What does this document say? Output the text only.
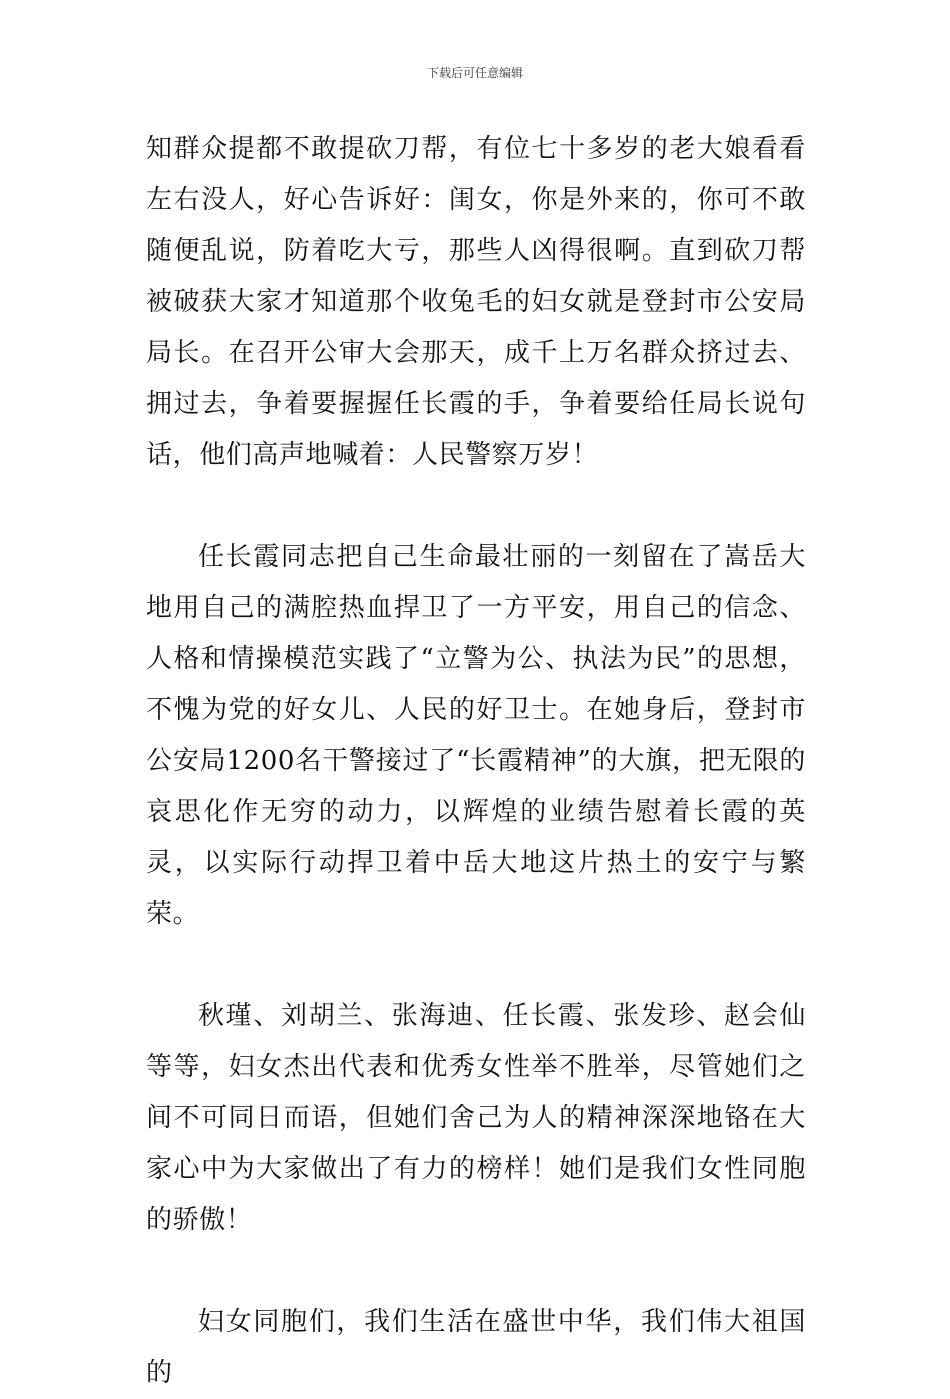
下载后可任意编辑

知群众提都不敢提砍刀帮，有位七十多岁的老大娘看看左右没人，好心告诉好：闺女，你是外来的，你可不敢随便乱说，防着吃大亏，那些人凶得很啊。直到砍刀帮被破获大家才知道那个收兔毛的妇女就是登封市公安局局长。在召开公审大会那天，成千上万名群众挤过去、拥过去，争着要握握任长霞的手，争着要给任局长说句话，他们高声地喊着：人民警察万岁！

任长霞同志把自己生命最壮丽的一刻留在了嵩岳大地用自己的满腔热血捍卫了一方平安，用自己的信念、人格和情操模范实践了“立警为公、执法为民”的思想，不愧为党的好女儿、人民的好卫士。在她身后，登封市公安局1200名干警接过了“长霞精神”的大旗，把无限的哀思化作无穷的动力，以辉煌的业绩告慰着长霞的英灵，以实际行动捍卫着中岳大地这片热土的安宁与繁荣。

秋瑾、刘胡兰、张海迪、任长霞、张发珍、赵会仙等等，妇女杰出代表和优秀女性举不胜举，尽管她们之间不可同日而语，但她们舍己为人的精神深深地铬在大家心中为大家做出了有力的榜样！她们是我们女性同胞的骄傲！

妇女同胞们，我们生活在盛世中华，我们伟大祖国的
